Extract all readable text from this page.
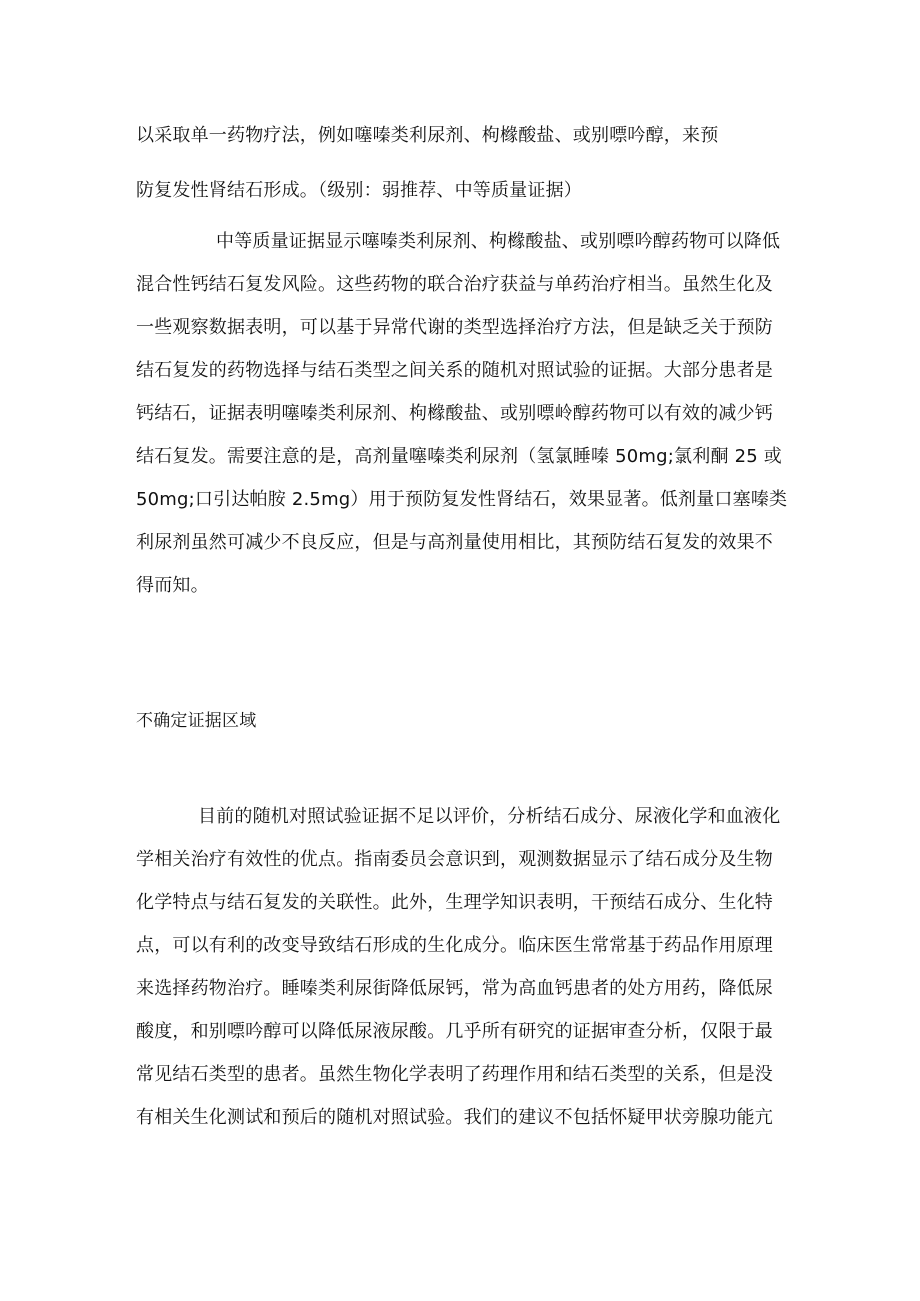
以采取单一药物疗法，例如噻嗪类利尿剂、枸橼酸盐、或别嘌吟醇，来预
防复发性肾结石形成。（级别：弱推荐、中等质量证据）
中等质量证据显示噻嗪类利尿剂、枸橼酸盐、或别嘌吟醇药物可以降低
混合性钙结石复发风险。这些药物的联合治疗获益与单药治疗相当。虽然生化及
一些观察数据表明，可以基于异常代谢的类型选择治疗方法，但是缺乏关于预防
结石复发的药物选择与结石类型之间关系的随机对照试验的证据。大部分患者是
钙结石，证据表明噻嗪类利尿剂、枸橼酸盐、或别嘌岭醇药物可以有效的减少钙
结石复发。需要注意的是，高剂量噻嗪类利尿剂（氢氯睡嗪 50mg;氯利酮 25 或
50mg;口引达帕胺 2.5mg）用于预防复发性肾结石，效果显著。低剂量口塞嗪类
利尿剂虽然可减少不良反应，但是与高剂量使用相比，其预防结石复发的效果不
得而知。
不确定证据区域
目前的随机对照试验证据不足以评价，分析结石成分、尿液化学和血液化
学相关治疗有效性的优点。指南委员会意识到，观测数据显示了结石成分及生物
化学特点与结石复发的关联性。此外，生理学知识表明，干预结石成分、生化特
点，可以有利的改变导致结石形成的生化成分。临床医生常常基于药品作用原理
来选择药物治疗。睡嗪类利尿街降低尿钙，常为高血钙患者的处方用药，降低尿
酸度，和别嘌吟醇可以降低尿液尿酸。几乎所有研究的证据审查分析，仅限于最
常见结石类型的患者。虽然生物化学表明了药理作用和结石类型的关系，但是没
有相关生化测试和预后的随机对照试验。我们的建议不包括怀疑甲状旁腺功能亢
